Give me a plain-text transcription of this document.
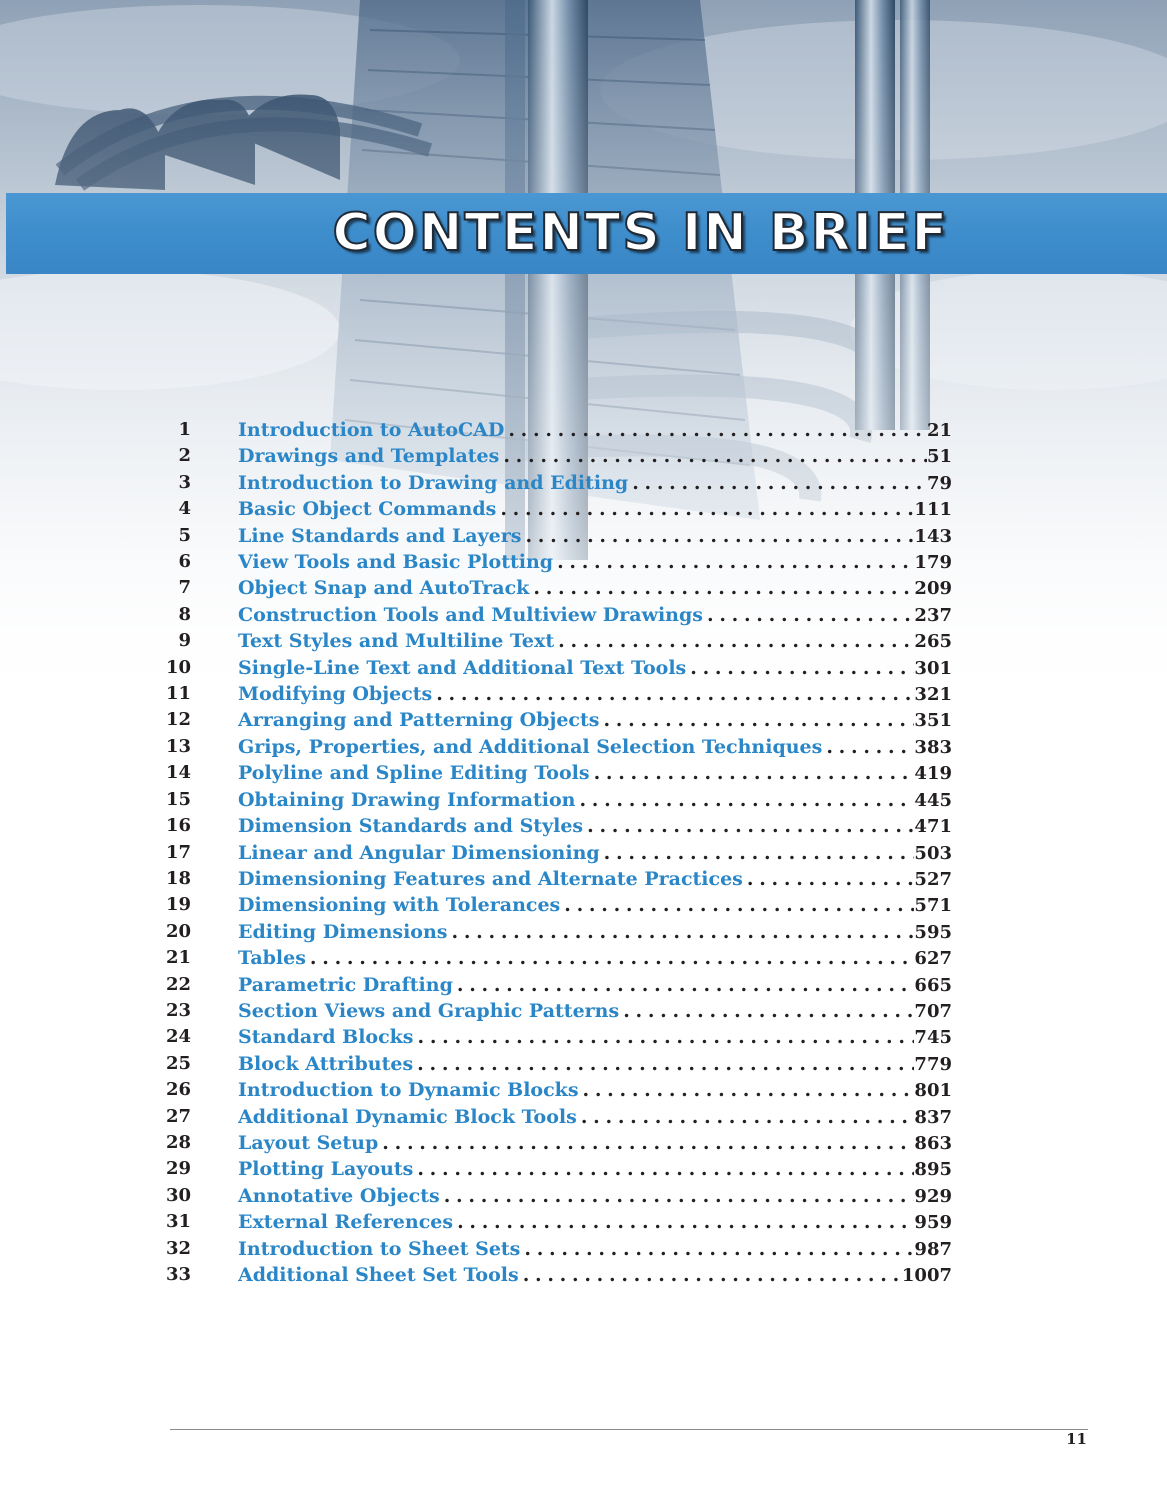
CONTENTS IN BRIEF
1 Introduction to AutoCAD . . .	21
2 Drawings and Templates . . .	51
3 Introduction to Drawing and Editing . . .	79
4 Basic Object Commands . . .	111
5 Line Standards and Layers . . .	143
6 View Tools and Basic Plotting . . .	179
7 Object Snap and AutoTrack . . .	209
8 Construction Tools and Multiview Drawings . . .	237
9 Text Styles and Multiline Text . . .	265
10 Single-Line Text and Additional Text Tools . . .	301
11 Modifying Objects . . .	321
12 Arranging and Patterning Objects . . .	351
13 Grips, Properties, and Additional Selection Techniques . . .	383
14 Polyline and Spline Editing Tools . . .	419
15 Obtaining Drawing Information . . .	445
16 Dimension Standards and Styles . . .	471
17 Linear and Angular Dimensioning . . .	503
18 Dimensioning Features and Alternate Practices . . .	527
19 Dimensioning with Tolerances . . .	571
20 Editing Dimensions . . .	595
21 Tables . . .	627
22 Parametric Drafting . . .	665
23 Section Views and Graphic Patterns . . .	707
24 Standard Blocks . . .	745
25 Block Attributes . . .	779
26 Introduction to Dynamic Blocks . . .	801
27 Additional Dynamic Block Tools . . .	837
28 Layout Setup . . .	863
29 Plotting Layouts . . .	895
30 Annotative Objects . . .	929
31 External References . . .	959
32 Introduction to Sheet Sets . . .	987
33 Additional Sheet Set Tools . . .	1007
11
